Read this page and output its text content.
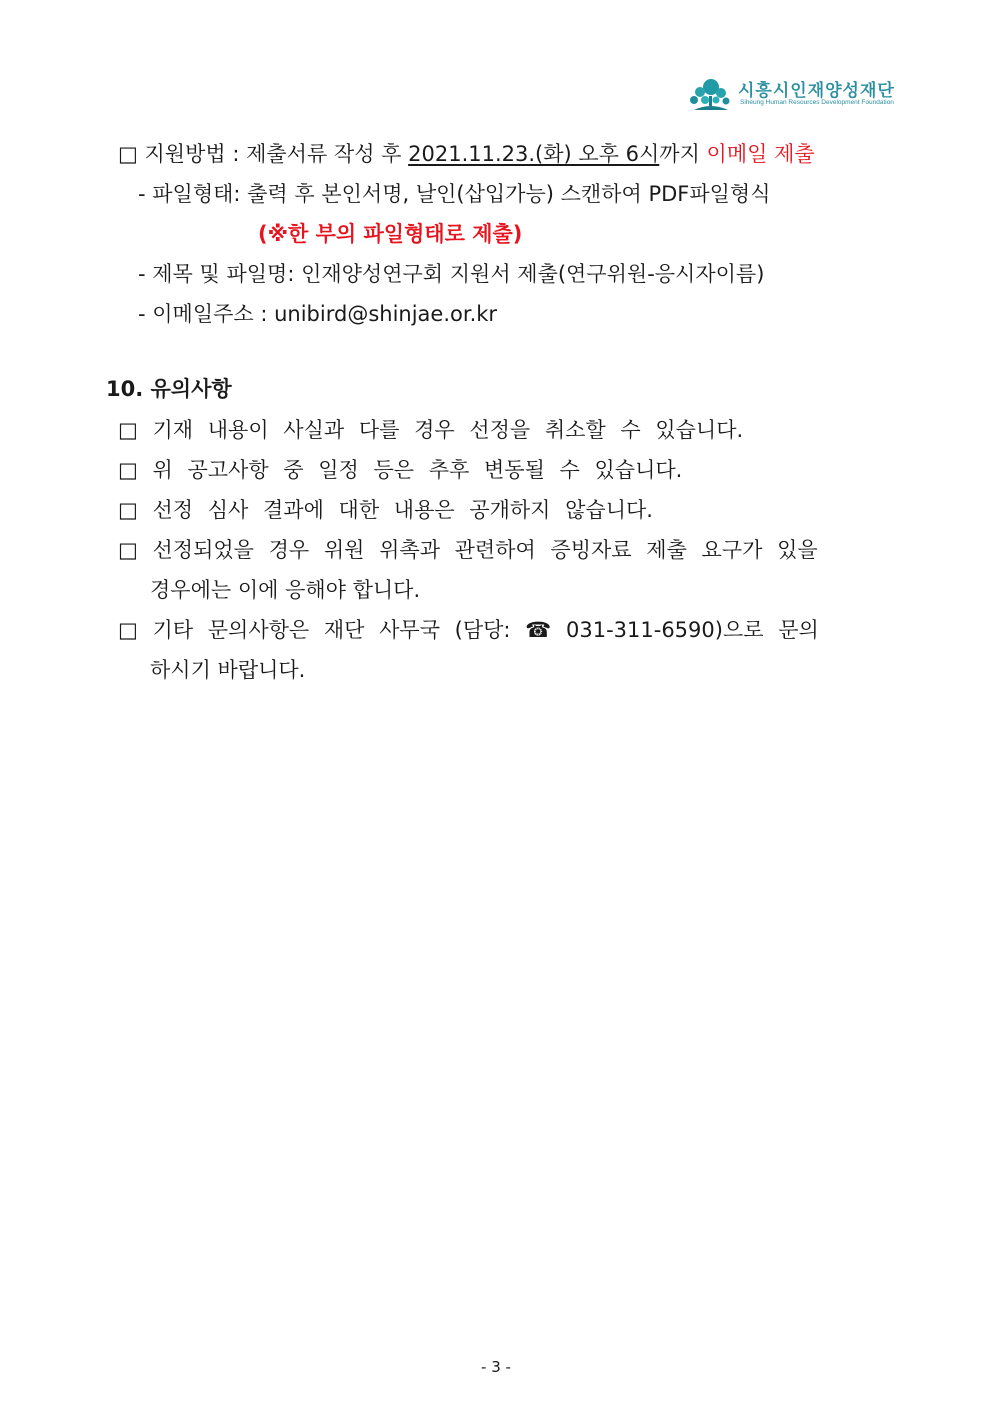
시흥시인재양성재단
Siheung Human Resources Development Foundation
□ 지원방법 : 제출서류 작성 후 2021.11.23.(화) 오후 6시까지 이메일 제출
- 파일형태: 출력 후 본인서명, 날인(삽입가능) 스캔하여 PDF파일형식
(※한 부의 파일형태로 제출)
- 제목 및 파일명: 인재양성연구회 지원서 제출(연구위원-응시자이름)
- 이메일주소 : unibird@shinjae.or.kr
10. 유의사항
□ 기재 내용이 사실과 다를 경우 선정을 취소할 수 있습니다.
□ 위 공고사항 중 일정 등은 추후 변동될 수 있습니다.
□ 선정 심사 결과에 대한 내용은 공개하지 않습니다.
□ 선정되었을 경우 위원 위촉과 관련하여 증빙자료 제출 요구가 있을
경우에는 이에 응해야 합니다.
□ 기타 문의사항은 재단 사무국 (담당: ☎ 031-311-6590)으로 문의
하시기 바랍니다.
- 3 -
